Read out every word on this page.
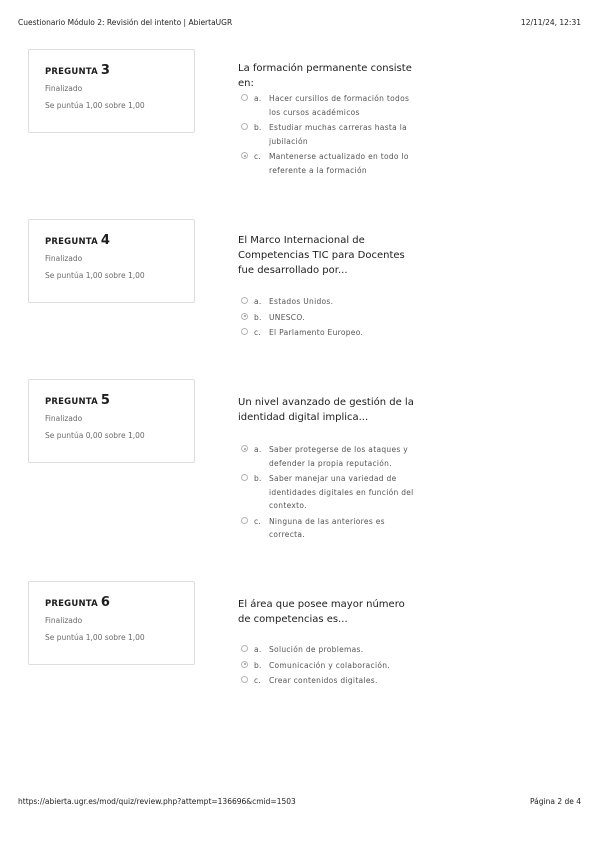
Cuestionario Módulo 2: Revisión del intento | AbiertaUGR	12/11/24, 12:31
PREGUNTA 3
Finalizado
Se puntúa 1,00 sobre 1,00
La formación permanente consiste en:
a. Hacer cursillos de formación todos los cursos académicos
b. Estudiar muchas carreras hasta la jubilación
c. Mantenerse actualizado en todo lo referente a la formación
PREGUNTA 4
Finalizado
Se puntúa 1,00 sobre 1,00
El Marco Internacional de Competencias TIC para Docentes fue desarrollado por...
a. Estados Unidos.
b. UNESCO.
c. El Parlamento Europeo.
PREGUNTA 5
Finalizado
Se puntúa 0,00 sobre 1,00
Un nivel avanzado de gestión de la identidad digital implica...
a. Saber protegerse de los ataques y defender la propia reputación.
b. Saber manejar una variedad de identidades digitales en función del contexto.
c. Ninguna de las anteriores es correcta.
PREGUNTA 6
Finalizado
Se puntúa 1,00 sobre 1,00
El área que posee mayor número de competencias es...
a. Solución de problemas.
b. Comunicación y colaboración.
c. Crear contenidos digitales.
https://abierta.ugr.es/mod/quiz/review.php?attempt=136696&cmid=1503	Página 2 de 4
